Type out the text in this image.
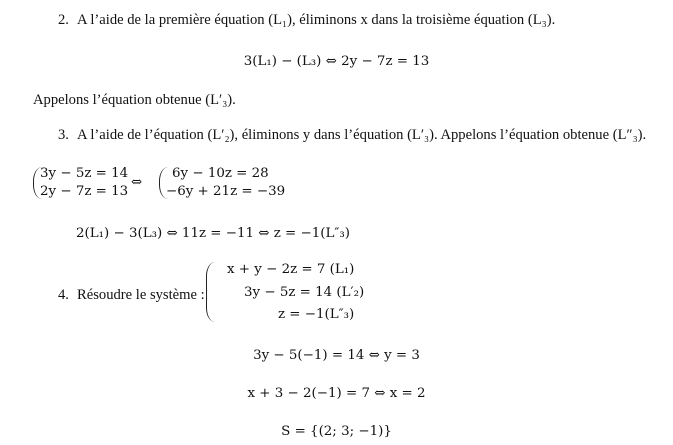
2. A l’aide de la première équation (L₁), éliminons x dans la troisième équation (L₃).
3(L₁) − (L₃) ⇔ 2y − 7z = 13
Appelons l’équation obtenue (L′₃).
3. A l’aide de l’équation (L′₂), éliminons y dans l’équation (L′₃). Appelons l’équation obtenue (L″₃).
3y − 5z = 14
2y − 7z = 13
⇔
6y − 10z = 28
−6y + 21z = −39
2(L₁) − 3(L₃) ⇔ 11z = −11 ⇔ z = −1(L″₃)
4. Résoudre le système :
x + y − 2z = 7 (L₁)
3y − 5z = 14 (L′₂)
z = −1(L″₃)
3y − 5(−1) = 14 ⇔ y = 3
x + 3 − 2(−1) = 7 ⇔ x = 2
S = {(2; 3; −1)}
